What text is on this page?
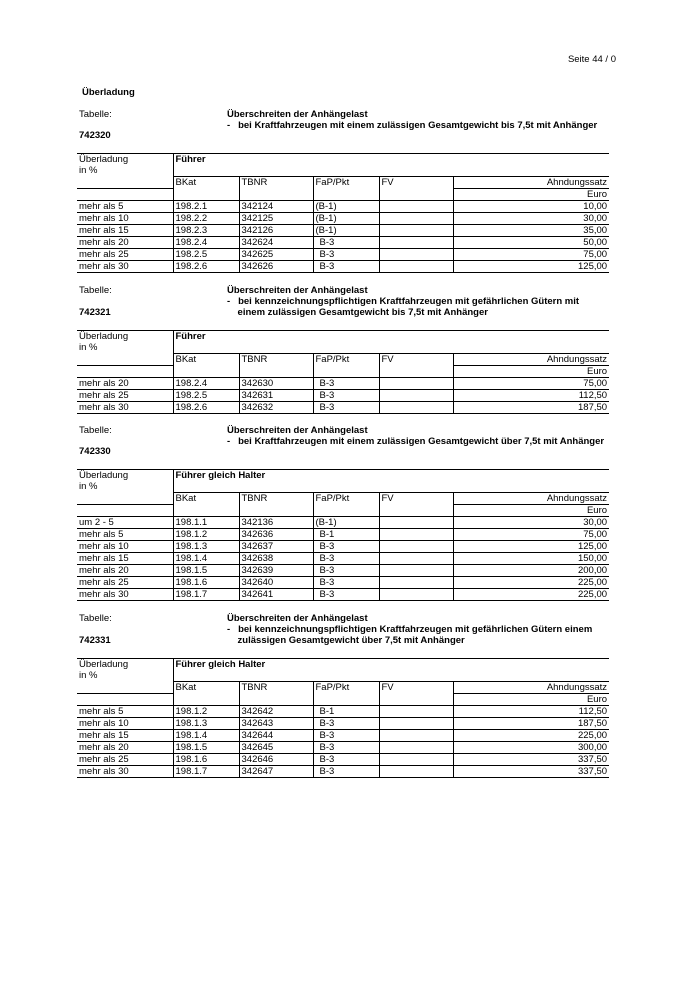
Seite 44 / 0
Überladung
Tabelle:	Überschreiten der Anhängelast
-   bei Kraftfahrzeugen mit einem zulässigen Gesamtgewicht bis 7,5t mit Anhänger
742320
Überladung
in %	Führer				
	BKat	TBNR	FaP/Pkt	FV	Ahndungssatz
					Euro
mehr als 5	198.2.1	342124	(B-1)		10,00
mehr als 10	198.2.2	342125	(B-1)		30,00
mehr als 15	198.2.3	342126	(B-1)		35,00
mehr als 20	198.2.4	342624	B-3		50,00
mehr als 25	198.2.5	342625	B-3		75,00
mehr als 30	198.2.6	342626	B-3		125,00
Tabelle:	Überschreiten der Anhängelast
-   bei kennzeichnungspflichtigen Kraftfahrzeugen mit gefährlichen Gütern mit
einem zulässigen Gesamtgewicht bis 7,5t mit Anhänger
742321
Überladung
in %	Führer				
	BKat	TBNR	FaP/Pkt	FV	Ahndungssatz
					Euro
mehr als 20	198.2.4	342630	B-3		75,00
mehr als 25	198.2.5	342631	B-3		112,50
mehr als 30	198.2.6	342632	B-3		187,50
Tabelle:	Überschreiten der Anhängelast
-   bei Kraftfahrzeugen mit einem zulässigen Gesamtgewicht über 7,5t mit Anhänger
742330
Überladung
in %	Führer gleich Halter				
	BKat	TBNR	FaP/Pkt	FV	Ahndungssatz
					Euro
um 2 - 5	198.1.1	342136	(B-1)		30,00
mehr als 5	198.1.2	342636	B-1		75,00
mehr als 10	198.1.3	342637	B-3		125,00
mehr als 15	198.1.4	342638	B-3		150,00
mehr als 20	198.1.5	342639	B-3		200,00
mehr als 25	198.1.6	342640	B-3		225,00
mehr als 30	198.1.7	342641	B-3		225,00
Tabelle:	Überschreiten der Anhängelast
-   bei kennzeichnungspflichtigen Kraftfahrzeugen mit gefährlichen Gütern einem
zulässigen Gesamtgewicht über 7,5t mit Anhänger
742331
Überladung
in %	Führer gleich Halter				
	BKat	TBNR	FaP/Pkt	FV	Ahndungssatz
					Euro
mehr als 5	198.1.2	342642	B-1		112,50
mehr als 10	198.1.3	342643	B-3		187,50
mehr als 15	198.1.4	342644	B-3		225,00
mehr als 20	198.1.5	342645	B-3		300,00
mehr als 25	198.1.6	342646	B-3		337,50
mehr als 30	198.1.7	342647	B-3		337,50
